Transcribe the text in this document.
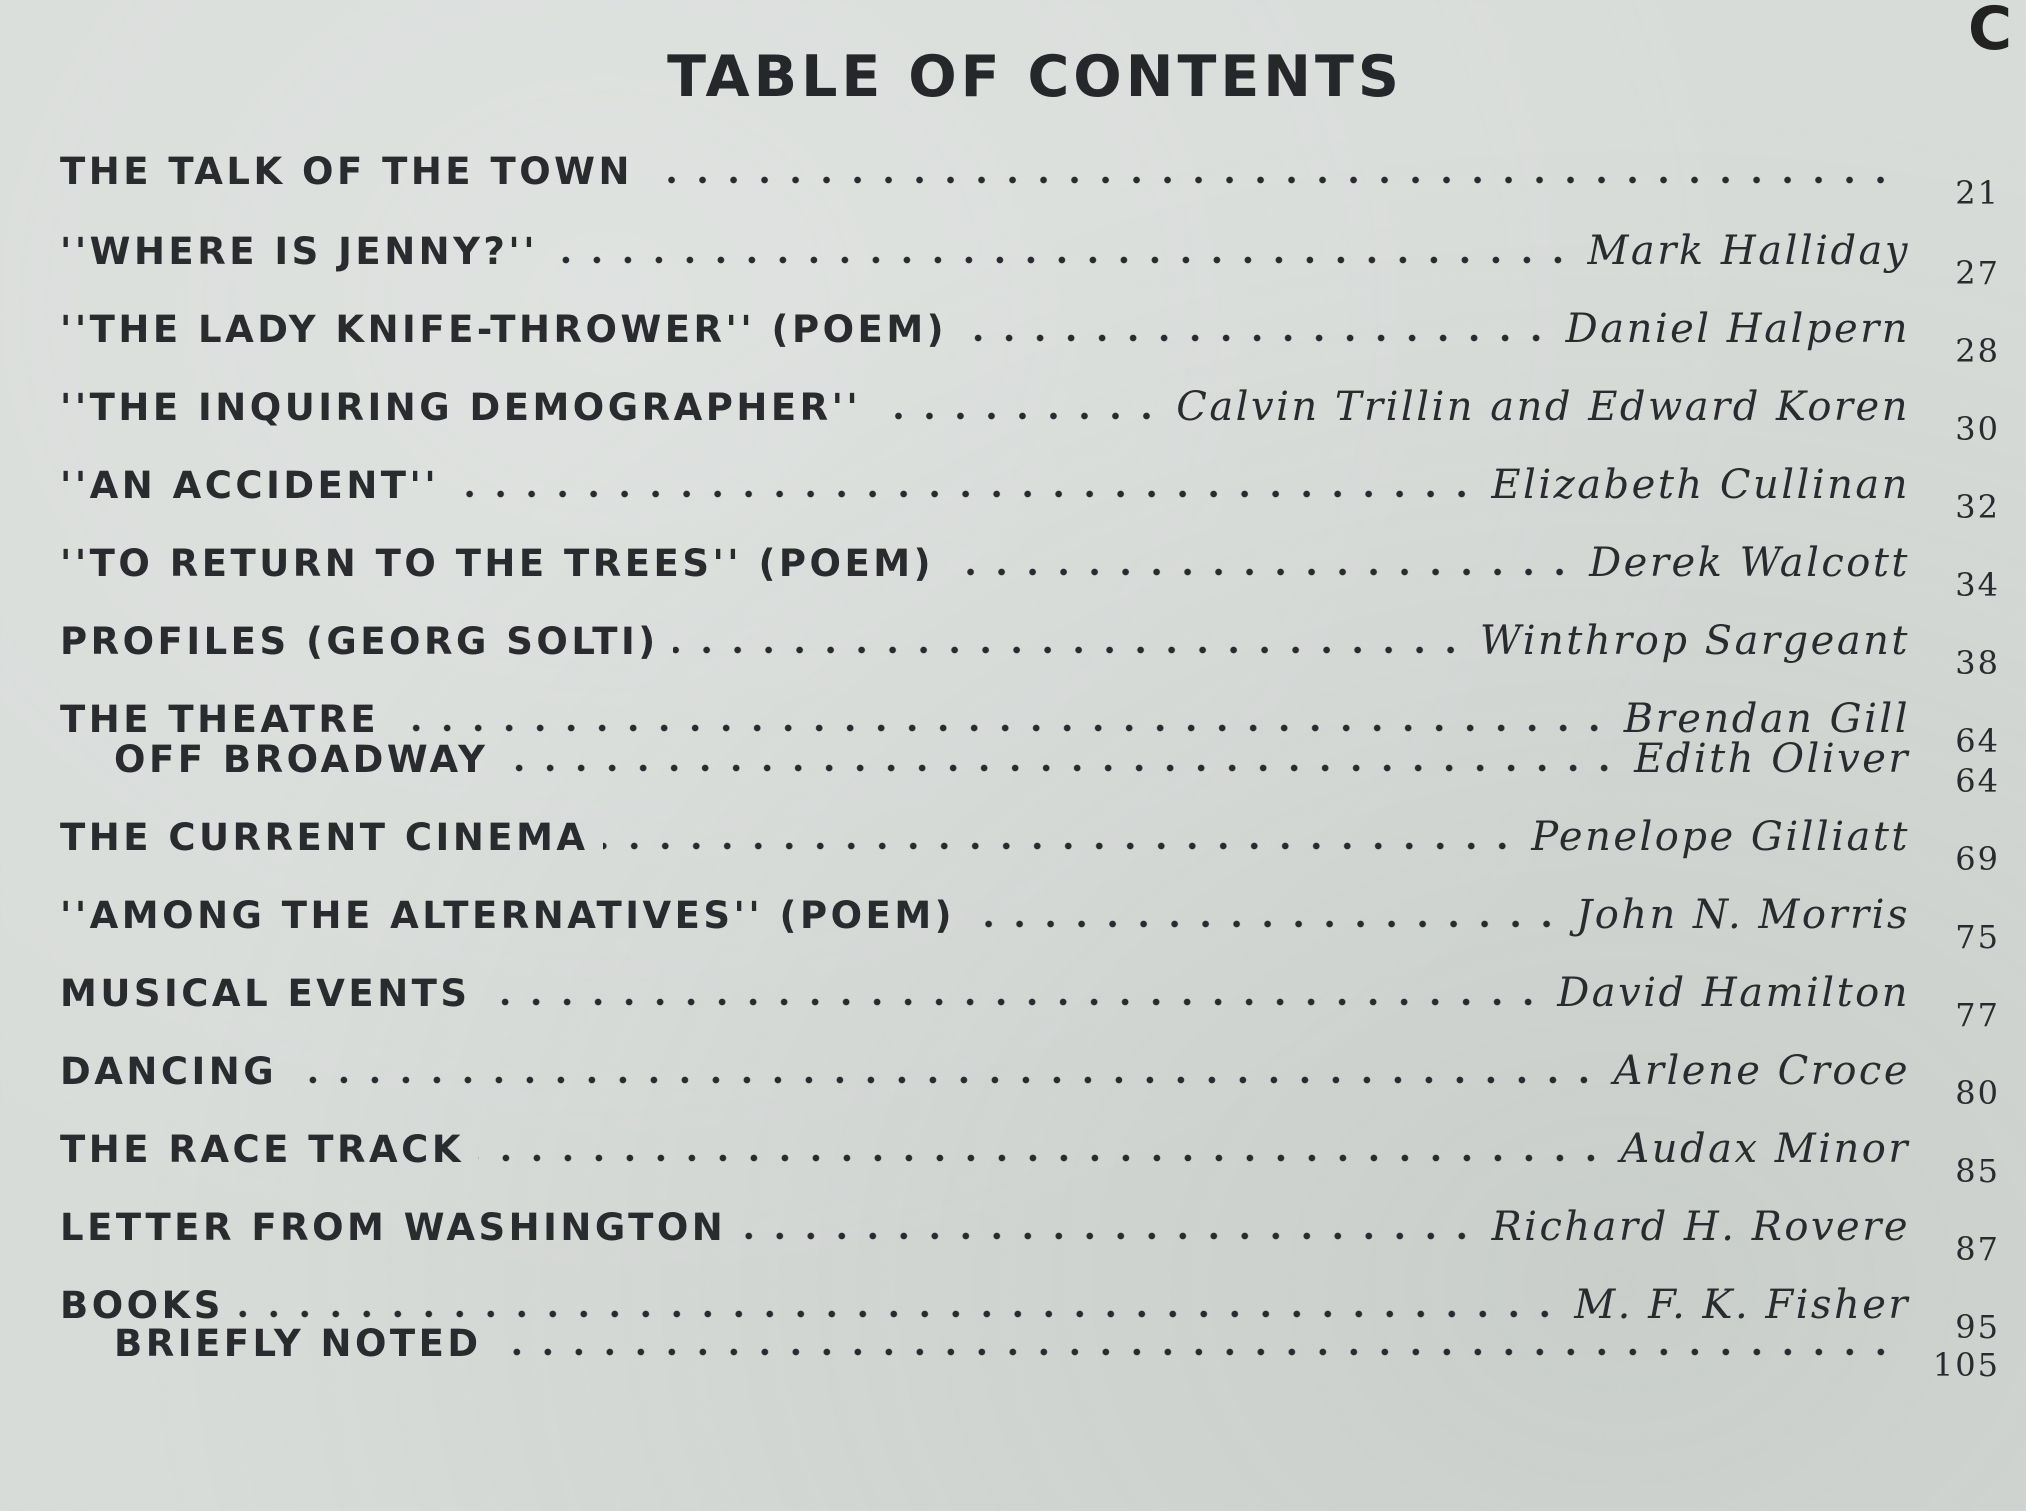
C
TABLE OF CONTENTS
THE TALK OF THE TOWN	21
''WHERE IS JENNY?''	Mark Halliday	27
''THE LADY KNIFE-THROWER'' (POEM)	Daniel Halpern	28
''THE INQUIRING DEMOGRAPHER''	Calvin Trillin and Edward Koren	30
''AN ACCIDENT''	Elizabeth Cullinan	32
''TO RETURN TO THE TREES'' (POEM)	Derek Walcott	34
PROFILES (GEORG SOLTI)	Winthrop Sargeant	38
THE THEATRE	Brendan Gill	64
OFF BROADWAY	Edith Oliver	64
THE CURRENT CINEMA	Penelope Gilliatt	69
''AMONG THE ALTERNATIVES'' (POEM)	John N. Morris	75
MUSICAL EVENTS	David Hamilton	77
DANCING	Arlene Croce	80
THE RACE TRACK	Audax Minor	85
LETTER FROM WASHINGTON	Richard H. Rovere	87
BOOKS	M. F. K. Fisher	95
BRIEFLY NOTED	105
